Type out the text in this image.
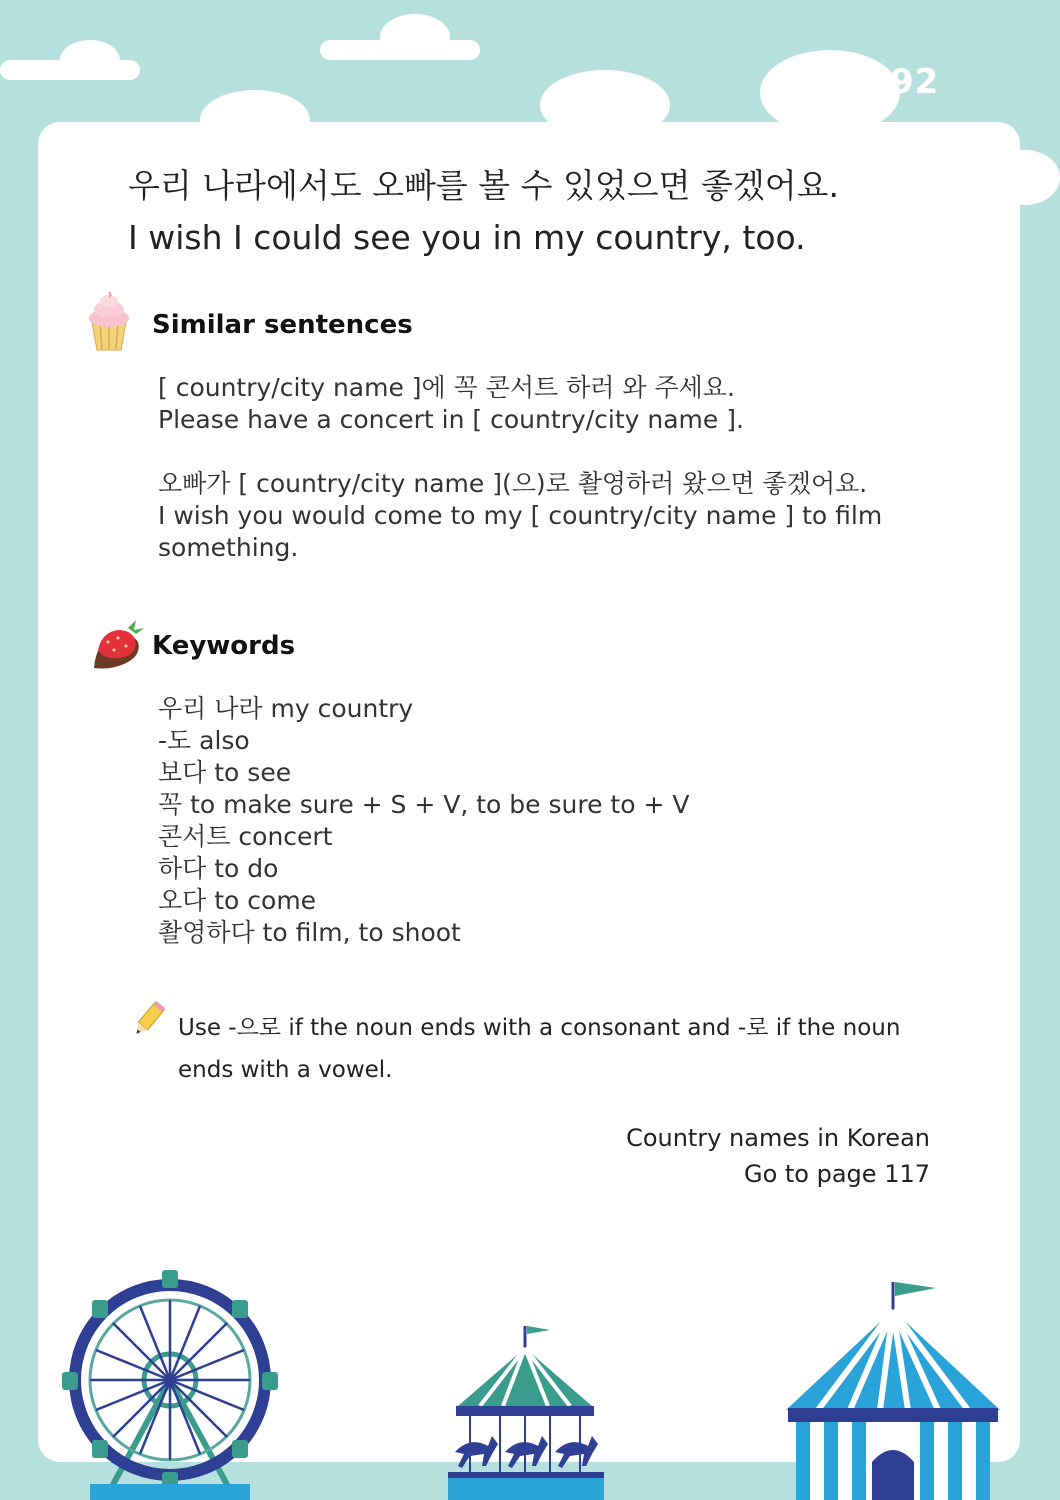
92
우리 나라에서도 오빠를 볼 수 있었으면 좋겠어요.
I wish I could see you in my country, too.
Similar sentences
[ country/city name ]에 꼭 콘서트 하러 와 주세요.
Please have a concert in [ country/city name ].
오빠가 [ country/city name ](으)로 촬영하러 왔으면 좋겠어요.
I wish you would come to my [ country/city name ] to film
something.
Keywords
우리 나라 my country
-도 also
보다 to see
꼭 to make sure + S + V, to be sure to + V
콘서트 concert
하다 to do
오다 to come
촬영하다 to film, to shoot
Use -으로 if the noun ends with a consonant and -로 if the noun ends with a vowel.
Country names in Korean
Go to page 117
